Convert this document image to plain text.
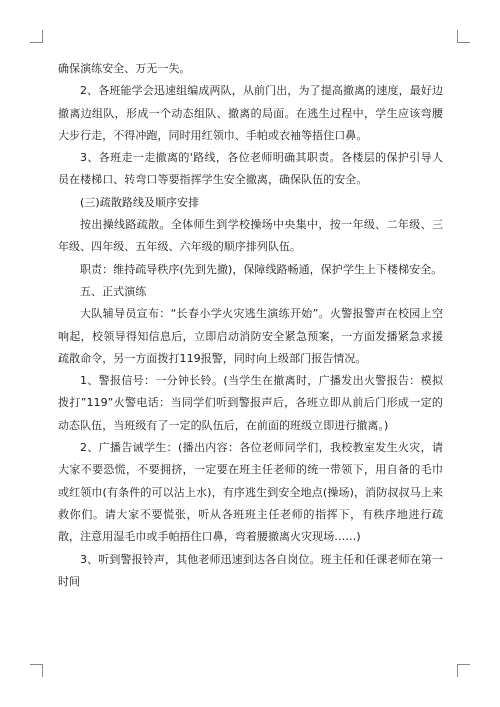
确保演练安全、万无一失。

2、各班能学会迅速组编成两队，从前门出，为了提高撤离的速度，最好边撤离边组队，形成一个动态组队、撤离的局面。在逃生过程中，学生应该弯腰大步行走，不得冲跑，同时用红领巾、手帕或衣袖等捂住口鼻。

3、各班走一走撤离的'路线，各位老师明确其职责。各楼层的保护引导人员在楼梯口、转弯口等要指挥学生安全撤离，确保队伍的安全。

(三)疏散路线及顺序安排

按出操线路疏散。全体师生到学校操场中央集中，按一年级、二年级、三年级、四年级、五年级、六年级的顺序排列队伍。

职责：维持疏导秩序(先到先撤)，保障线路畅通，保护学生上下楼梯安全。

五、正式演练

大队辅导员宣布：“长春小学火灾逃生演练开始”。火警报警声在校园上空响起，校领导得知信息后，立即启动消防安全紧急预案，一方面发播紧急求援疏散命令，另一方面拨打119报警，同时向上级部门报告情况。

1、警报信号：一分钟长铃。(当学生在撤离时，广播发出火警报告：模拟拨打”119”火警电话：当同学们听到警报声后，各班立即从前后门形成一定的动态队伍，当班级有了一定的队伍后，在前面的班级立即进行撤离。)

2、广播告诫学生：(播出内容：各位老师同学们，我校教室发生火灾，请大家不要恐慌，不要拥挤，一定要在班主任老师的统一带领下，用自备的毛巾或红领巾(有条件的可以沾上水)，有序逃生到安全地点(操场)，消防叔叔马上来救你们。请大家不要慌张，听从各班班主任老师的指挥下，有秩序地进行疏散，注意用湿毛巾或手帕捂住口鼻，弯着腰撤离火灾现场……)

3、听到警报铃声，其他老师迅速到达各自岗位。班主任和任课老师在第一时间
